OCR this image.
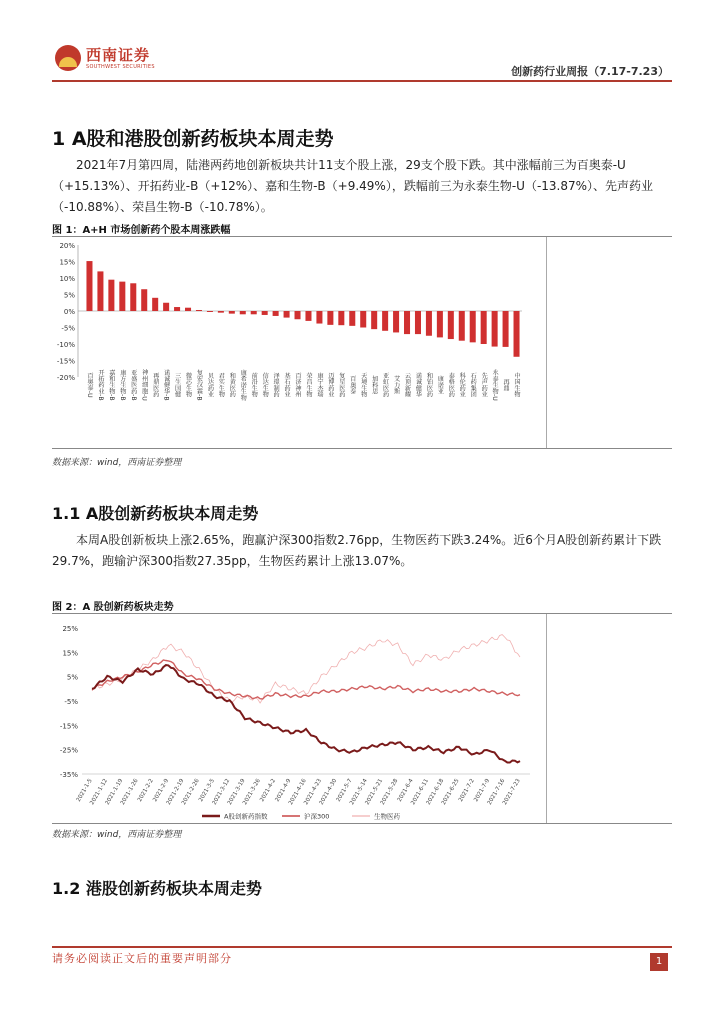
西南证券
SOUTHWEST SECURITIES	创新药行业周报（7.17-7.23）
1 A股和港股创新药板块本周走势

2021年7月第四周，陆港两药地创新板块共计11支个股上涨，29支个股下跌。其中涨幅前三为百奥泰-U（+15.13%）、开拓药业-B（+12%）、嘉和生物-B（+9.49%），跌幅前三为永泰生物-U（-13.87%）、先声药业（-10.88%）、荣昌生物-B（-10.78%）。

图 1：A+H 市场创新药个股本周涨跌幅
20%
15%
10%
5%
0%
-5%
-10%
-15%
-20% 百奥泰-U 开拓药业-B 嘉和生物-B 康方生物-B 亚盛医药-B 神州细胞-U 再鼎医药 诺诚健华-B 三生国健 微芯生物 复宏汉霖-B 贝达药业 君实生物 和黄医药 康希诺生物 前沿生物 信达生物 泽璟制药 基石药业 百济神州 荣昌生物 康宁杰瑞 迈博药业 复星医药 百奥泰 天境生物 加科思 亚虹医药 艾力斯 云顶新耀 诺诚健华 和铂医药 康诺亚 泰格医药 科伦药业 石药集团 先声药业 永泰生物-U 再鼎 中国生物
数据来源：wind，西南证券整理
1.1 A股创新药板块本周走势

本周A股创新板块上涨2.65%，跑赢沪深300指数2.76pp，生物医药下跌3.24%。近6个月A股创新药累计下跌29.7%，跑输沪深300指数27.35pp，生物医药累计上涨13.07%。

图 2：A 股创新药板块走势
25%
15%
5%
-5%
-15%
-25%
-35%
2021-1-5
2021-1-12
2021-1-19
2021-1-26
2021-2-2
2021-2-9
2021-2-19
2021-2-26
2021-3-5
2021-3-12
2021-3-19
2021-3-26
2021-4-2
2021-4-9
2021-4-16
2021-4-23
2021-4-30
2021-5-7
2021-5-14
2021-5-21
2021-5-28
2021-6-4
2021-6-11
2021-6-18
2021-6-25
2021-7-2
2021-7-9
2021-7-16
2021-7-23
A股创新药指数	沪深300	生物医药
数据来源：wind，西南证券整理
1.2 港股创新药板块本周走势
请务必阅读正文后的重要声明部分	1
